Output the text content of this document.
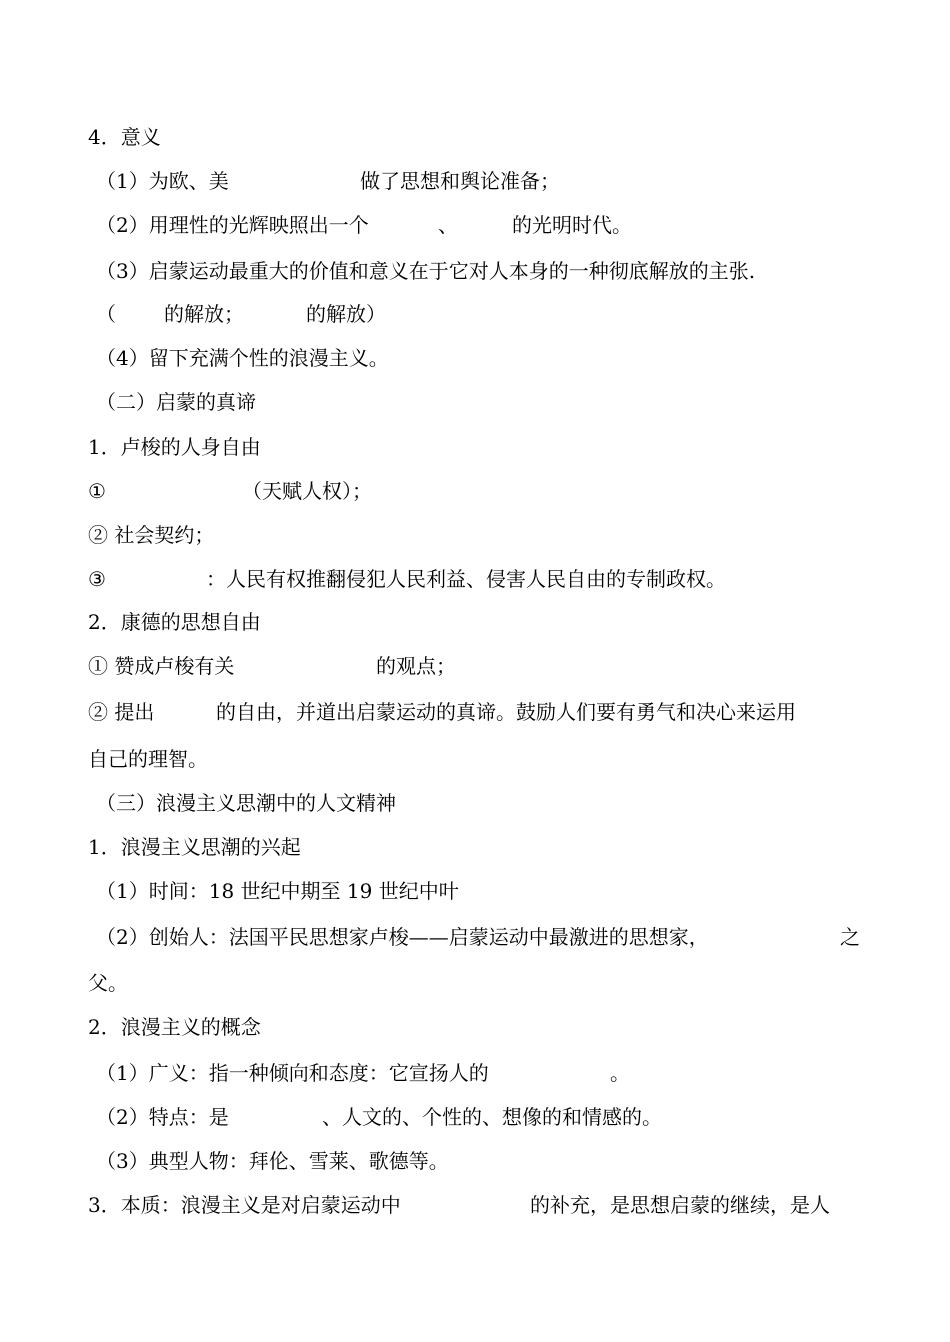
4．意义

（1）为欧、美

	做了思想和舆论准备；

（2）用理性的光辉映照出一个

	、

	的光明时代。

（3）启蒙运动最重大的价值和意义在于它对人本身的一种彻底解放的主张.

（

的解放；

	的解放）

（4）留下充满个性的浪漫主义。

（二）启蒙的真谛

1．卢梭的人身自由

①

	（天赋人权）；

② 社会契约；

③

	：人民有权推翻侵犯人民利益、侵害人民自由的专制政权。

2．康德的思想自由

① 赞成卢梭有关

	的观点；

② 提出

	的自由，并道出启蒙运动的真谛。鼓励人们要有勇气和决心来运用

自己的理智。

（三）浪漫主义思潮中的人文精神

1．浪漫主义思潮的兴起

（1）时间：18 世纪中期至 19 世纪中叶

（2）创始人：法国平民思想家卢梭——启蒙运动中最激进的思想家，

	之

父。

2．浪漫主义的概念

（1）广义：指一种倾向和态度：它宣扬人的

	。

（2）特点：是

	、人文的、个性的、想像的和情感的。

（3）典型人物：拜伦、雪莱、歌德等。

3．本质：浪漫主义是对启蒙运动中

	的补充，是思想启蒙的继续，是人
